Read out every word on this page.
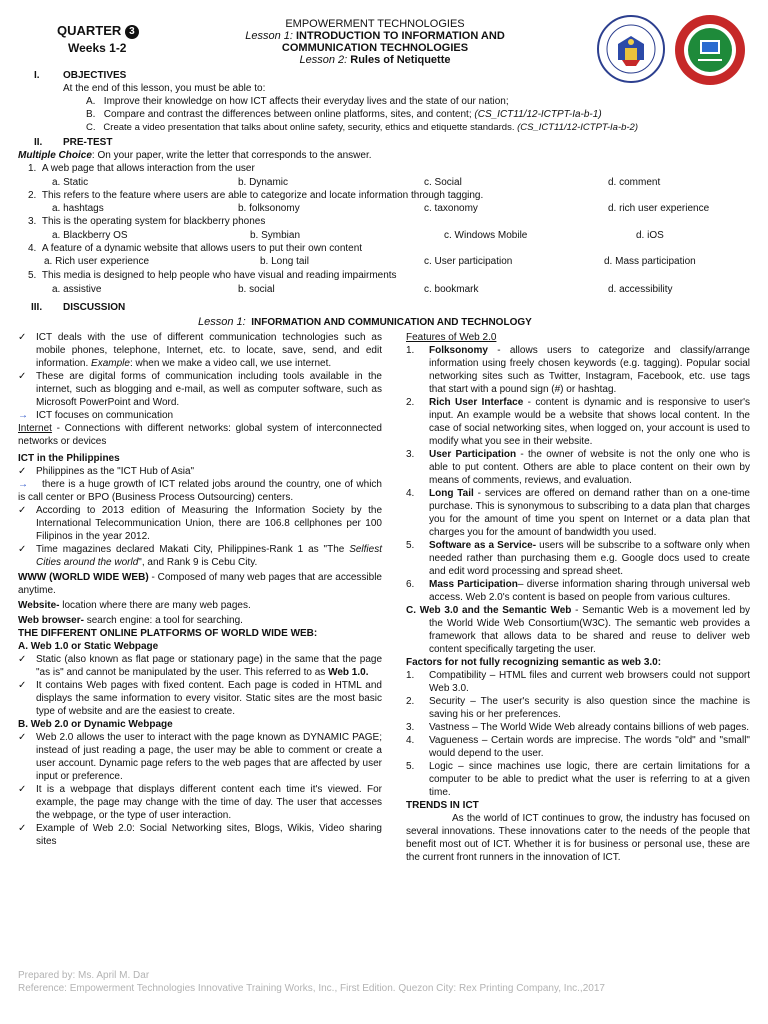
QUARTER 3
Weeks 1-2
EMPOWERMENT TECHNOLOGIES
Lesson 1: INTRODUCTION TO INFORMATION AND
COMMUNICATION TECHNOLOGIES
Lesson 2: Rules of Netiquette
I. OBJECTIVES
At the end of this lesson, you must be able to:
A. Improve their knowledge on how ICT affects their everyday lives and the state of our nation;
B. Compare and contrast the differences between online platforms, sites, and content; (CS_ICT11/12-ICTPT-Ia-b-1)
C. Create a video presentation that talks about online safety, security, ethics and etiquette standards. (CS_ICT11/12-ICTPT-Ia-b-2)
II. PRE-TEST
Multiple Choice: On your paper, write the letter that corresponds to the answer.
1. A web page that allows interaction from the user
a. Static	b. Dynamic	c. Social	d. comment
2. This refers to the feature where users are able to categorize and locate information through tagging.
a. hashtags	b. folksonomy	c. taxonomy	d. rich user experience
3. This is the operating system for blackberry phones
a. Blackberry OS	b. Symbian	c. Windows Mobile	d. iOS
4. A feature of a dynamic website that allows users to put their own content
a. Rich user experience	b. Long tail	c. User participation	d. Mass participation
5. This media is designed to help people who have visual and reading impairments
a. assistive	b. social	c. bookmark	d. accessibility
III. DISCUSSION
Lesson 1: INFORMATION AND COMMUNICATION AND TECHNOLOGY
✓ ICT deals with the use of different communication technologies such as mobile phones, telephone, Internet, etc. to locate, save, send, and edit information. Example: when we make a video call, we use internet.
✓ These are digital forms of communication including tools available in the internet, such as blogging and e-mail, as well as computer software, such as Microsoft PowerPoint and Word.
→ ICT focuses on communication
Internet - Connections with different networks: global system of interconnected networks or devices
ICT in the Philippines
✓ Philippines as the "ICT Hub of Asia"
→ there is a huge growth of ICT related jobs around the country, one of which is call center or BPO (Business Process Outsourcing) centers.
✓ According to 2013 edition of Measuring the Information Society by the International Telecommunication Union, there are 106.8 cellphones per 100 Filipinos in the year 2012.
✓ Time magazines declared Makati City, Philippines-Rank 1 as "The Selfiest Cities around the world", and Rank 9 is Cebu City.
WWW (WORLD WIDE WEB) - Composed of many web pages that are accessible anytime.
Website- location where there are many web pages.
Web browser- search engine: a tool for searching.
THE DIFFERENT ONLINE PLATFORMS OF WORLD WIDE WEB:
A. Web 1.0 or Static Webpage
✓ Static (also known as flat page or stationary page) in the same that the page "as is" and cannot be manipulated by the user. This referred to as Web 1.0.
✓ It contains Web pages with fixed content. Each page is coded in HTML and displays the same information to every visitor. Static sites are the most basic type of website and are the easiest to create.
B. Web 2.0 or Dynamic Webpage
✓ Web 2.0 allows the user to interact with the page known as DYNAMIC PAGE; instead of just reading a page, the user may be able to comment or create a user account. Dynamic page refers to the web pages that are affected by user input or preference.
✓ It is a webpage that displays different content each time it's viewed. For example, the page may change with the time of day. The user that accesses the webpage, or the type of user interaction.
✓ Example of Web 2.0: Social Networking sites, Blogs, Wikis, Video sharing sites
Features of Web 2.0
1. Folksonomy - allows users to categorize and classify/arrange information using freely chosen keywords (e.g. tagging). Popular social networking sites such as Twitter, Instagram, Facebook, etc. use tags that start with a pound sign (#) or hashtag.
2. Rich User Interface - content is dynamic and is responsive to user's input. An example would be a website that shows local content. In the case of social networking sites, when logged on, your account is used to modify what you see in their website.
3. User Participation - the owner of website is not the only one who is able to put content. Others are able to place content on their own by means of comments, reviews, and evaluation.
4. Long Tail - services are offered on demand rather than on a one-time purchase. This is synonymous to subscribing to a data plan that charges you for the amount of time you spent on Internet or a data plan that charges you for the amount of bandwidth you used.
5. Software as a Service- users will be subscribe to a software only when needed rather than purchasing them e.g. Google docs used to create and edit word processing and spread sheet.
6. Mass Participation– diverse information sharing through universal web access. Web 2.0's content is based on people from various cultures.
C. Web 3.0 and the Semantic Web - Semantic Web is a movement led by the World Wide Web Consortium(W3C). The semantic web provides a framework that allows data to be shared and reuse to deliver web content specifically targeting the user.
Factors for not fully recognizing semantic as web 3.0:
1. Compatibility – HTML files and current web browsers could not support Web 3.0.
2. Security – The user's security is also question since the machine is saving his or her preferences.
3. Vastness – The World Wide Web already contains billions of web pages.
4. Vagueness – Certain words are imprecise. The words "old" and "small" would depend to the user.
5. Logic – since machines use logic, there are certain limitations for a computer to be able to predict what the user is referring to at a given time.
TRENDS IN ICT
As the world of ICT continues to grow, the industry has focused on several innovations. These innovations cater to the needs of the people that benefit most out of ICT. Whether it is for business or personal use, these are the current front runners in the innovation of ICT.
Prepared by: Ms. April M. Dar
Reference: Empowerment Technologies Innovative Training Works, Inc., First Edition. Quezon City: Rex Printing Company, Inc.,2017
